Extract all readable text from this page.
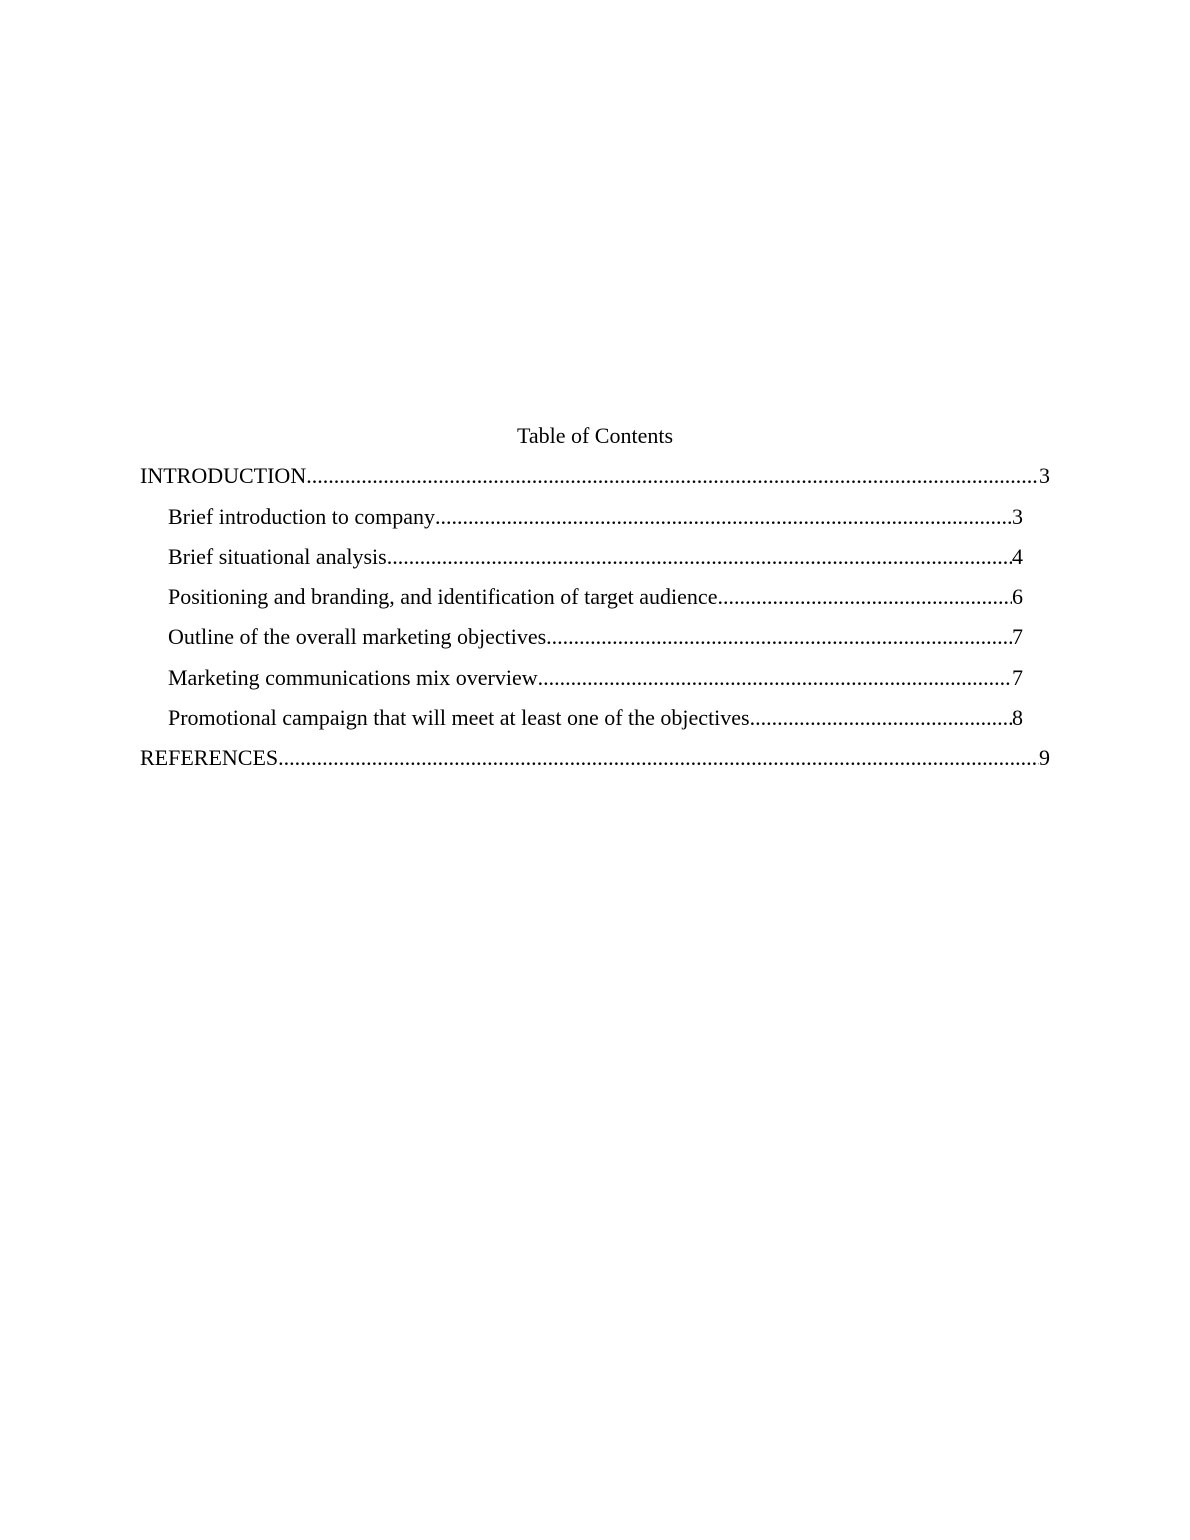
Table of Contents
INTRODUCTION .....	3
Brief introduction to company .....	3
Brief situational analysis .....	4
Positioning and branding, and identification of target audience .....	6
Outline of the overall marketing objectives .....	7
Marketing communications mix overview .....	7
Promotional campaign that will meet at least one of the objectives .....	8
REFERENCES .....	9
